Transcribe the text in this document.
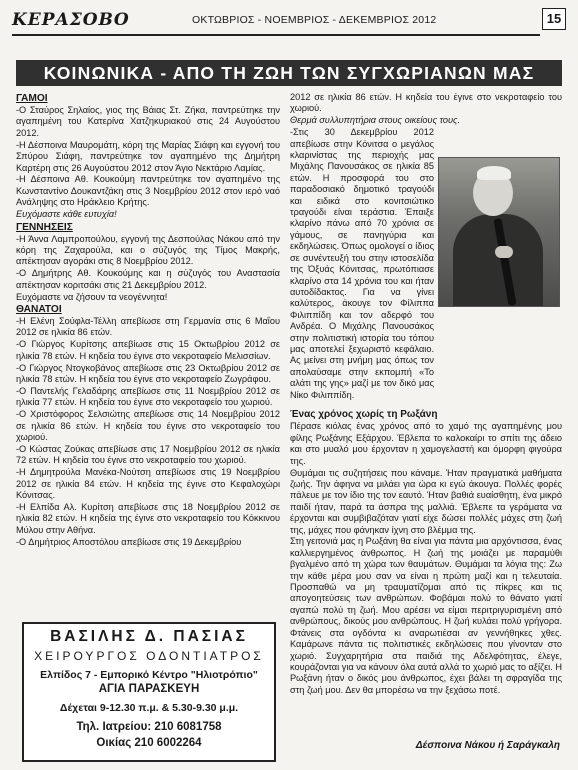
ΚΕΡΑΣΟΒΟ	ΟΚΤΩΒΡΙΟΣ - ΝΟΕΜΒΡΙΟΣ - ΔΕΚΕΜΒΡΙΟΣ 2012	15
ΚΟΙΝΩΝΙΚΑ - ΑΠΟ ΤΗ ΖΩΗ ΤΩΝ ΣΥΓΧΩΡΙΑΝΩΝ ΜΑΣ
ΓΑΜΟΙ

-Ο Σταύρος Σηλαίος, γιος της Βάιας Στ. Ζήκα, παντρεύτηκε την αγαπημένη του Κατερίνα Χατζηκυριακού στις 24 Αυγούστου 2012.

-Η Δέσποινα Μαυρομάτη, κόρη της Μαρίας Σιάφη και εγγονή του Σπύρου Σιάφη, παντρεύτηκε τον αγαπημένο της Δημήτρη Καρτέρη στις 26 Αυγούστου 2012 στον Άγιο Νεκτάριο Λαμίας.

-Η Δέσποινα Αθ. Κουκούμη παντρεύτηκε τον αγαπημένο της Κωνσταντίνο Δουκαντζάκη στις 3 Νοεμβρίου 2012 στον ιερό ναό Ανάληψης στο Ηράκλειο Κρήτης.

Ευχόμαστε κάθε ευτυχία!

ΓΕΝΝΗΣΕΙΣ

-Η Άννα Λαμπροπούλου, εγγονή της Δεσπούλας Νάκου από την κόρη της Ζαχαρούλα, και ο σύζυγός της Τίμος Μακρής, απέκτησαν αγοράκι στις 8 Νοεμβρίου 2012.

-Ο Δημήτρης Αθ. Κουκούμης και η σύζυγός του Αναστασία απέκτησαν κοριτσάκι στις 21 Δεκεμβρίου 2012.

Ευχόμαστε να ζήσουν τα νεογέννητα!

ΘΑΝΑΤΟΙ

-Η Ελένη Σούφλα-Τέλλη απεβίωσε στη Γερμανία στις 6 Μαΐου 2012 σε ηλικία 86 ετών.

-Ο Γιώργος Κυρίτσης απεβίωσε στις 15 Οκτωβρίου 2012 σε ηλικία 78 ετών. Η κηδεία του έγινε στο νεκροταφείο Μελισσίων.

-Ο Γιώργος Ντογκοβάνος απεβίωσε στις 23 Οκτωβρίου 2012 σε ηλικία 78 ετών. Η κηδεία του έγινε στο νεκροταφείο Ζωγράφου.

-Ο Παντελής Γελαδάρης απεβίωσε στις 11 Νοεμβρίου 2012 σε ηλικία 77 ετών. Η κηδεία του έγινε στο νεκροταφείο του χωριού.

-Ο Χριστόφορος Σελσιώτης απεβίωσε στις 14 Νοεμβρίου 2012 σε ηλικία 86 ετών. Η κηδεία του έγινε στο νεκροταφείο του χωριού.

-Ο Κώστας Ζούκας απεβίωσε στις 17 Νοεμβρίου 2012 σε ηλικία 72 ετών. Η κηδεία του έγινε στο νεκροταφείο του χωριού.

-Η Δημητρούλα Μανέκα-Νούτση απεβίωσε στις 19 Νοεμβρίου 2012 σε ηλικία 84 ετών. Η κηδεία της έγινε στο Κεφαλοχώρι Κόνιτσας.

-Η Ελπίδα Αλ. Κυρίτση απεβίωσε στις 18 Νοεμβρίου 2012 σε ηλικία 82 ετών. Η κηδεία της έγινε στο νεκροταφείο του Κόκκινου Μύλου στην Αθήνα.

-Ο Δημήτριος Αποστόλου απεβίωσε στις 19 Δεκεμβρίου

2012 σε ηλικία 86 ετών. Η κηδεία του έγινε στο νεκροταφείο του χωριού.

Θερμά συλλυπητήρια στους οικείους τους.

-Στις 30 Δεκεμβρίου 2012 απεβίωσε στην Κόνιτσα ο μεγάλος κλαρινίστας της περιοχής μας Μιχάλης Πανουσάκος σε ηλικία 85 ετών. Η προσφορά του στο παραδοσιακό δημοτικό τραγούδι και ειδικά στο κονιτσιώτικο τραγούδι είναι τεράστια. Έπαιξε κλαρίνο πάνω από 70 χρόνια σε γάμους, σε πανηγύρια και εκδηλώσεις. Όπως ομολογεί ο ίδιος σε συνέντευξή του στην ιστοσελίδα της Όξυάς Κόνιτσας, πρωτόπιασε κλαρίνο στα 14 χρόνια του και ήταν αυτοδίδακτος. Για να γίνει καλύτερος, άκουγε τον Φίλιππα Φιλιππίδη και τον αδερφό του Ανδρέα. Ο Μιχάλης Πανουσάκος στην πολιτιστική ιστορία του τόπου μας αποτελεί ξεχωριστό κεφάλαιο. Ας μείνει στη μνήμη μας όπως τον απολαύσαμε στην εκπομπή «Το αλάτι της γης» μαζί με τον δικό μας Νίκο Φιλιππίδη.

Ένας χρόνος χωρίς τη Ρωξάνη

Πέρασε κιόλας ένας χρόνος από το χαμό της αγαπημένης μου φίλης Ρωξάνης Εξάρχου. Έβλεπα το καλοκαίρι το σπίτι της άδειο και στο μυαλό μου έρχονταν η χαμογελαστή και όμορφη φιγούρα της.

Θυμάμαι τις συζητήσεις που κάναμε. Ήταν πραγματικά μαθήματα ζωής. Την άφηνα να μιλάει για ώρα κι εγώ άκουγα. Πολλές φορές πάλευε με τον ίδιο της τον εαυτό. Ήταν βαθιά ευαίσθητη, ένα μικρό παιδί ήταν, παρά τα άσπρα της μαλλιά. Έβλεπε τα γεράματα να έρχονται και συμβιβαζόταν γιατί είχε δώσει πολλές μάχες στη ζωή της, μάχες που φάνηκαν ίχνη στο βλέμμα της.

Στη γειτονιά μας η Ρωξάνη θα είναι για πάντα μια αρχόντισσα, ένας καλλιεργημένος άνθρωπος. Η ζωή της μοιάζει με παραμύθι βγαλμένο από τη χώρα των θαυμάτων. Θυμάμαι τα λόγια της: Ζω την κάθε μέρα μου σαν να είναι η πρώτη μαζί και η τελευταία. Προσπαθώ να μη τραυματίζομαι από τις πίκρες και τις απογοητεύσεις των ανθρώπων. Φοβάμαι πολύ το θάνατο γιατί αγαπώ πολύ τη ζωή. Μου αρέσει να είμαι περιτριγυρισμένη από ανθρώπους, δικούς μου ανθρώπους. Η ζωή κυλάει πολύ γρήγορα. Φτάνεις στα ογδόντα κι αναρωτιέσαι αν γεννήθηκες χθες. Καμάρωνε πάντα τις πολιτιστικές εκδηλώσεις που γίνονταν στο χωριό. Συγχαρητήρια στα παιδιά της Αδελφότητας, έλεγε, κουράζονται για να κάνουν όλα αυτά αλλά το χωριό μας το αξίζει. Η Ρωξάνη ήταν ο δικός μου άνθρωπος, έχει βάλει τη σφραγίδα της στη ζωή μου. Δεν θα μπορέσω να την ξεχάσω ποτέ.

ΒΑΣΙΛΗΣ Δ. ΠΑΣΙΑΣ
ΧΕΙΡΟΥΡΓΟΣ ΟΔΟΝΤΙΑΤΡΟΣ
Ελπίδος 7 - Εμπορικό Κέντρο "Ηλιοτρόπιο"
ΑΓΙΑ ΠΑΡΑΣΚΕΥΗ
Δέχεται 9-12.30 π.μ. & 5.30-9.30 μ.μ.
Τηλ. Ιατρείου: 210 6081758
Οικίας 210 6002264	Δέσποινα Νάκου ή Σαράγκαλη
